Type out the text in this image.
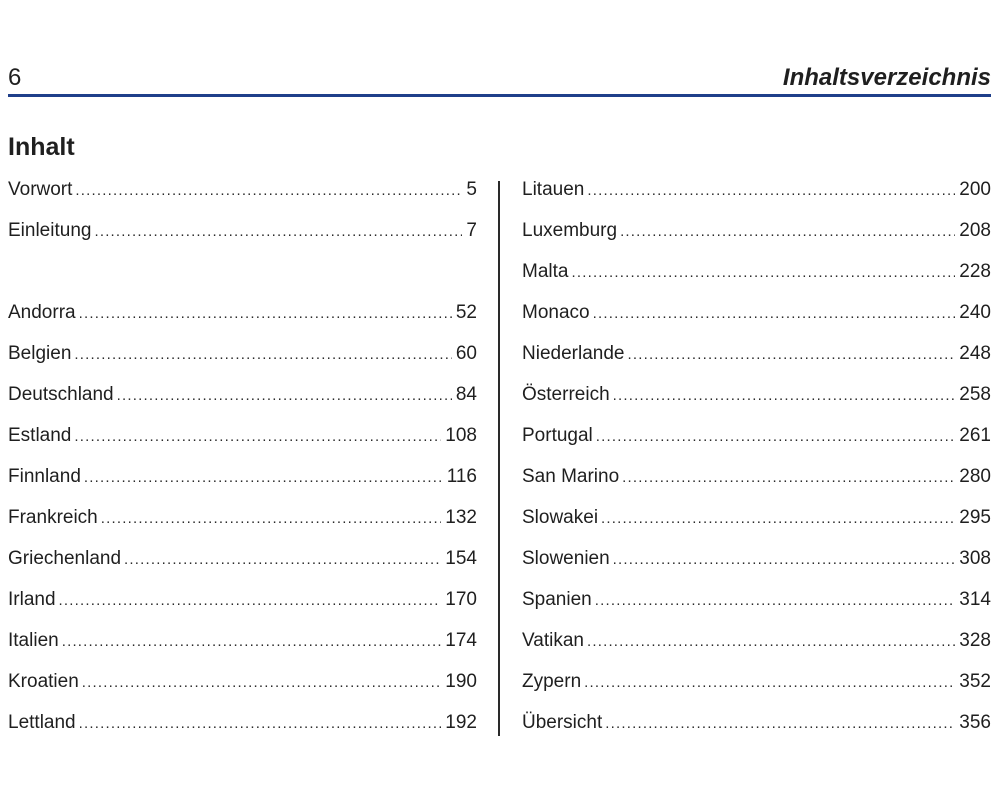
6	Inhaltsverzeichnis
Inhalt
Vorwort .....	5
Einleitung .....	7
Andorra .....	52
Belgien .....	60
Deutschland .....	84
Estland .....	108
Finnland .....	116
Frankreich .....	132
Griechenland .....	154
Irland .....	170
Italien .....	174
Kroatien .....	190
Lettland .....	192
Litauen .....	200
Luxemburg .....	208
Malta .....	228
Monaco .....	240
Niederlande .....	248
Österreich .....	258
Portugal .....	261
San Marino .....	280
Slowakei .....	295
Slowenien .....	308
Spanien .....	314
Vatikan .....	328
Zypern .....	352
Übersicht .....	356
